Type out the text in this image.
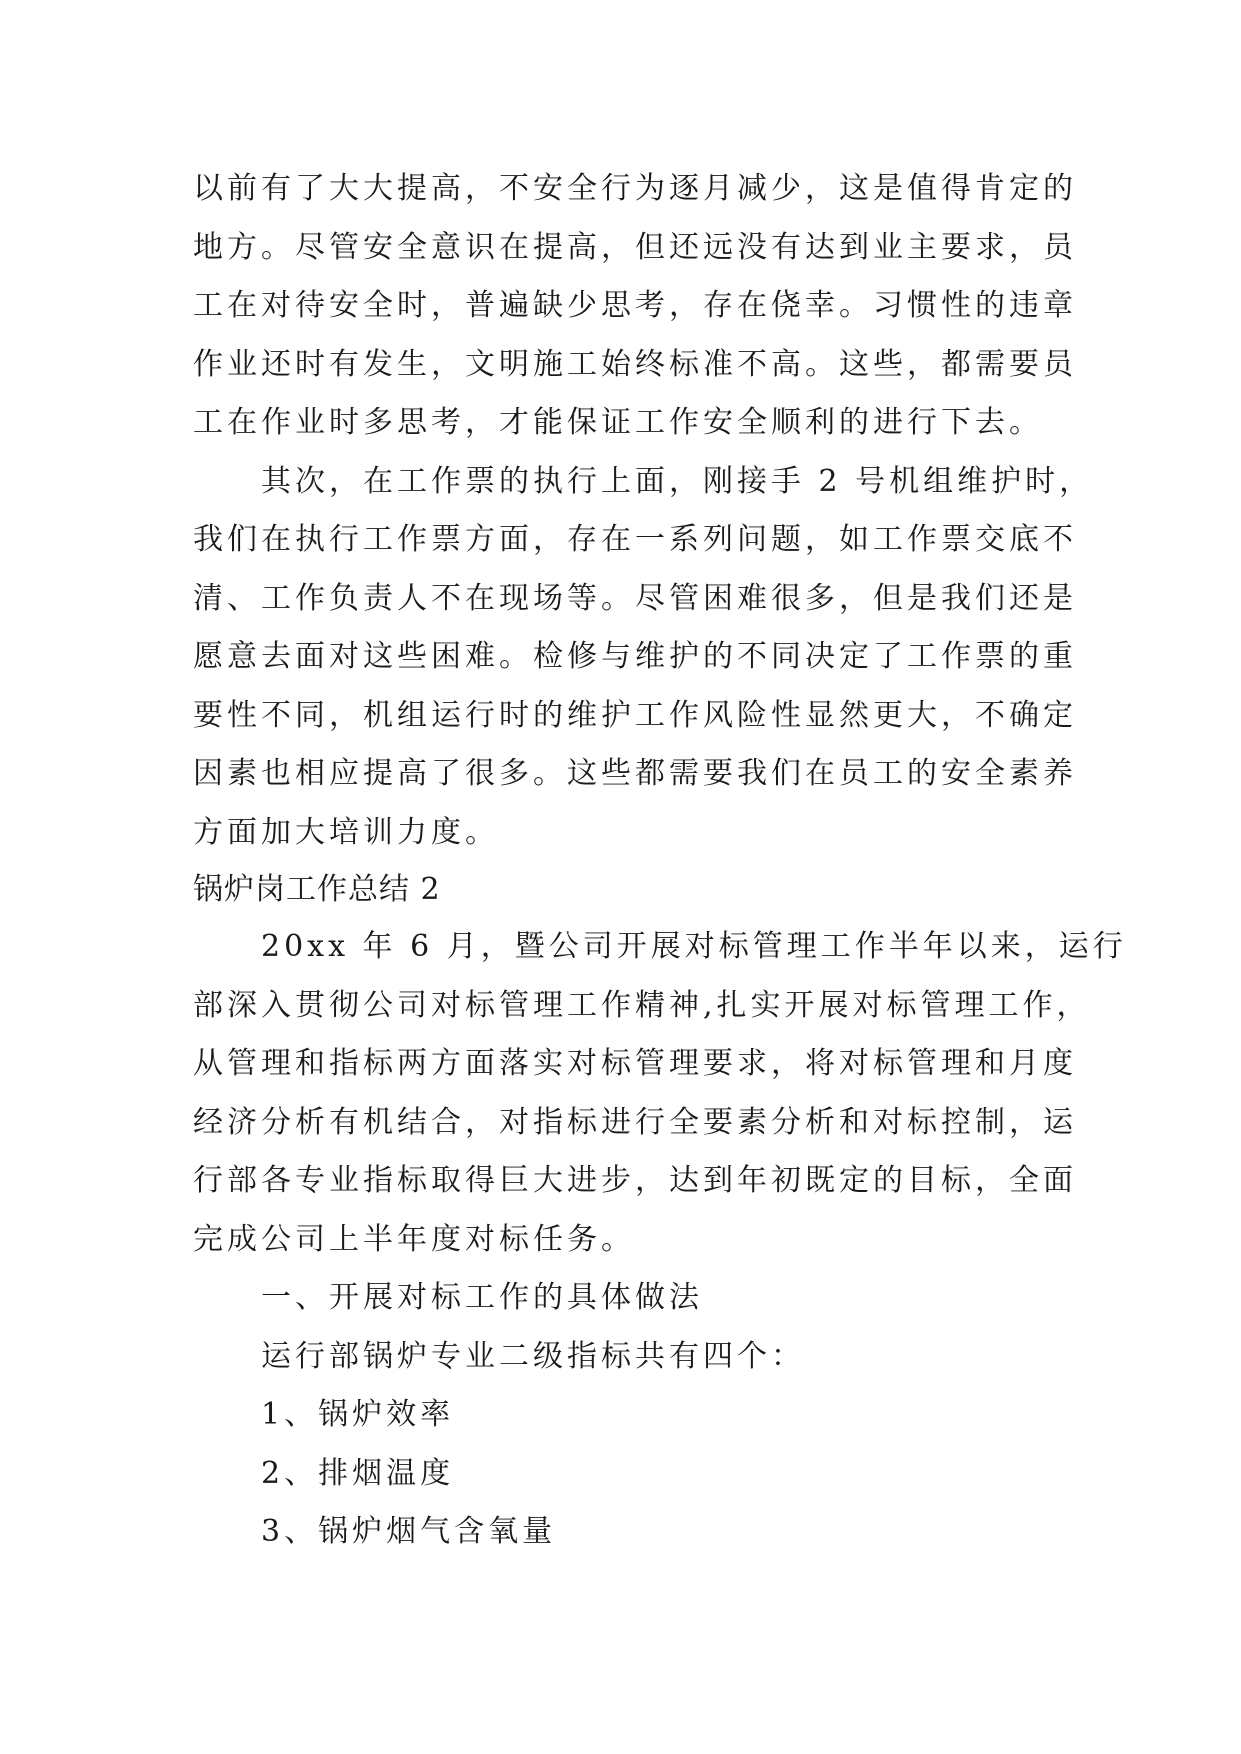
以前有了大大提高，不安全行为逐月减少，这是值得肯定的
地方。尽管安全意识在提高，但还远没有达到业主要求，员
工在对待安全时，普遍缺少思考，存在侥幸。习惯性的违章
作业还时有发生，文明施工始终标准不高。这些，都需要员
工在作业时多思考，才能保证工作安全顺利的进行下去。
　　其次，在工作票的执行上面，刚接手 2 号机组维护时，
我们在执行工作票方面，存在一系列问题，如工作票交底不
清、工作负责人不在现场等。尽管困难很多，但是我们还是
愿意去面对这些困难。检修与维护的不同决定了工作票的重
要性不同，机组运行时的维护工作风险性显然更大，不确定
因素也相应提高了很多。这些都需要我们在员工的安全素养
方面加大培训力度。
锅炉岗工作总结 2
　　20xx 年 6 月，暨公司开展对标管理工作半年以来，运行
部深入贯彻公司对标管理工作精神,扎实开展对标管理工作，
从管理和指标两方面落实对标管理要求，将对标管理和月度
经济分析有机结合，对指标进行全要素分析和对标控制，运
行部各专业指标取得巨大进步，达到年初既定的目标，全面
完成公司上半年度对标任务。
　　一、开展对标工作的具体做法
　　运行部锅炉专业二级指标共有四个：
　　1、锅炉效率
　　2、排烟温度
　　3、锅炉烟气含氧量
